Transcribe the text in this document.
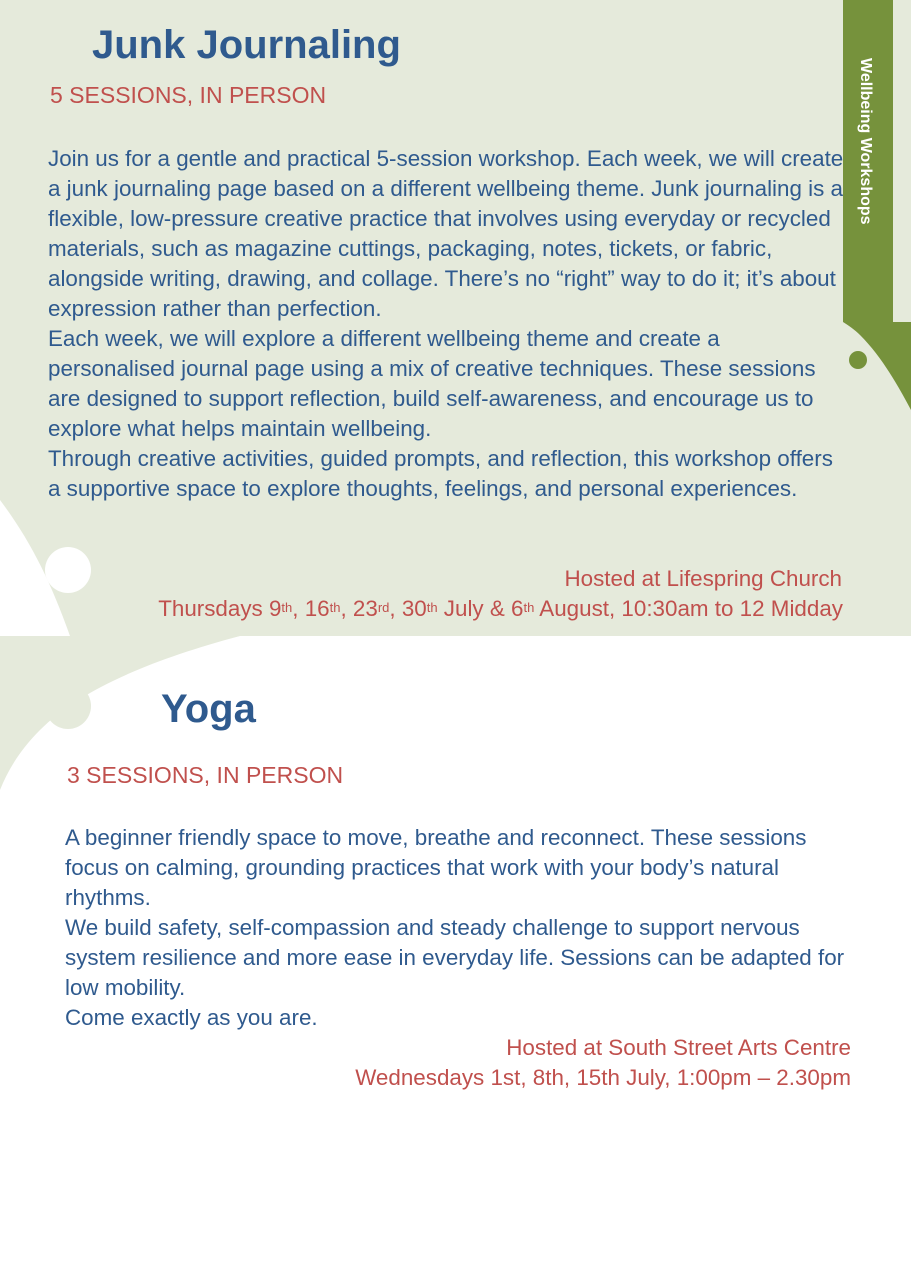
Wellbeing Workshops
Junk Journaling
5 SESSIONS, IN PERSON

Join us for a gentle and practical 5-session workshop. Each week, we will create a junk journaling page based on a different wellbeing theme. Junk journaling is a flexible, low-pressure creative practice that involves using everyday or recycled materials, such as magazine cuttings, packaging, notes, tickets, or fabric, alongside writing, drawing, and collage. There’s no “right” way to do it; it’s about expression rather than perfection.

Each week, we will explore a different wellbeing theme and create a personalised journal page using a mix of creative techniques. These sessions are designed to support reflection, build self-awareness, and encourage us to explore what helps maintain wellbeing.

Through creative activities, guided prompts, and reflection, this workshop offers a supportive space to explore thoughts, feelings, and personal experiences.

Hosted at Lifespring Church
Thursdays 9th, 16th, 23rd, 30th July & 6th August, 10:30am to 12 Midday
Yoga
3 SESSIONS, IN PERSON

A beginner friendly space to move, breathe and reconnect. These sessions focus on calming, grounding practices that work with your body’s natural rhythms.

We build safety, self-compassion and steady challenge to support nervous system resilience and more ease in everyday life. Sessions can be adapted for low mobility.

Come exactly as you are.

Hosted at South Street Arts Centre
Wednesdays 1st, 8th, 15th July, 1:00pm – 2.30pm
